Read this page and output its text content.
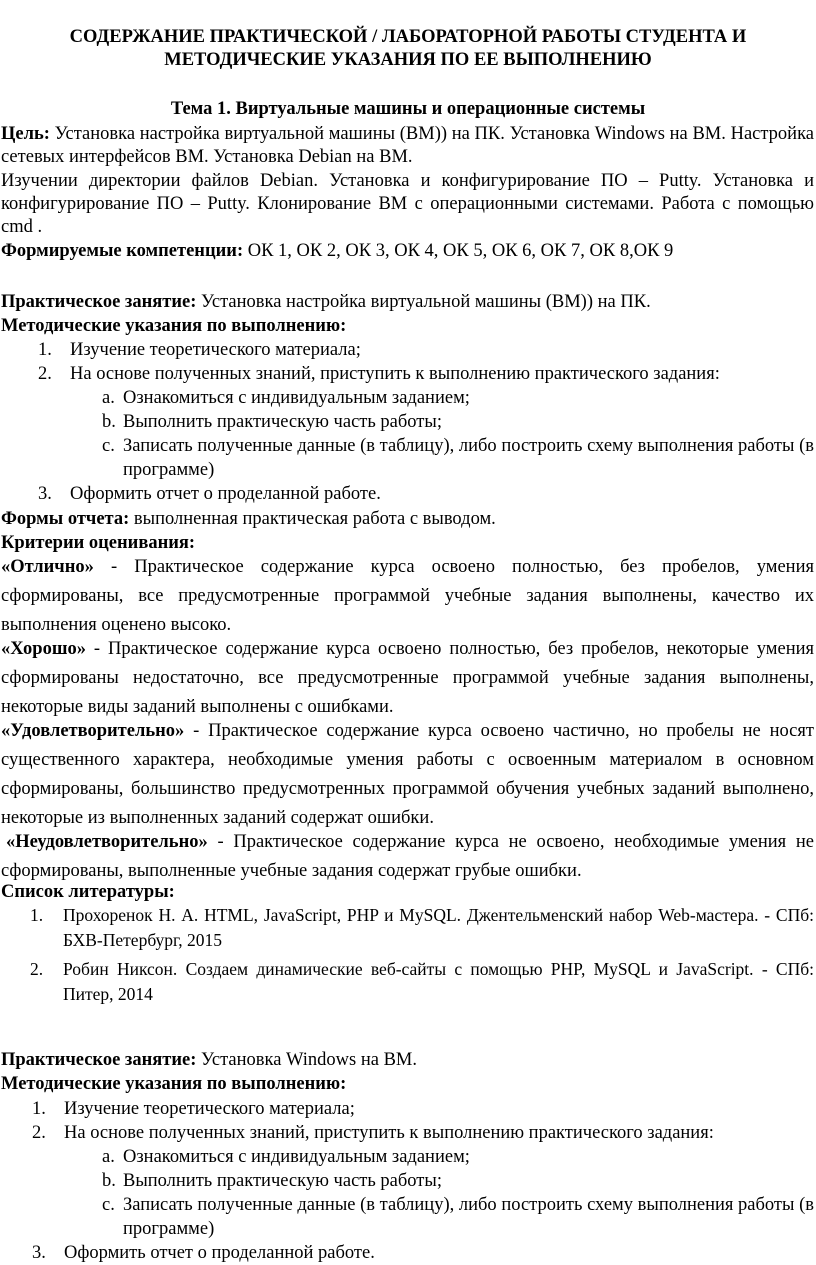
СОДЕРЖАНИЕ ПРАКТИЧЕСКОЙ / ЛАБОРАТОРНОЙ РАБОТЫ СТУДЕНТА И
МЕТОДИЧЕСКИЕ УКАЗАНИЯ ПО ЕЕ ВЫПОЛНЕНИЮ
Тема 1. Виртуальные машины и операционные системы

Цель: Установка настройка виртуальной машины (ВМ)) на ПК. Установка Windows на ВМ. Настройка сетевых интерфейсов ВМ. Установка Debian на ВМ.

Изучении директории файлов Debian. Установка и конфигурирование ПО – Putty. Установка и конфигурирование ПО – Putty. Клонирование ВМ с операционными системами. Работа с помощью cmd .

Формируемые компетенции: ОК 1, ОК 2, ОК 3, ОК 4, ОК 5, ОК 6, ОК 7, ОК 8,ОК 9

Практическое занятие: Установка настройка виртуальной машины (ВМ)) на ПК.

Методические указания по выполнению:

1. Изучение теоретического материала;
2. На основе полученных знаний, приступить к выполнению практического задания:
a. Ознакомиться с индивидуальным заданием;
b. Выполнить практическую часть работы;
c. Записать полученные данные (в таблицу), либо построить схему выполнения работы (в программе)
3. Оформить отчет о проделанной работе.

Формы отчета: выполненная практическая работа с выводом.

Критерии оценивания:

«Отлично» - Практическое содержание курса освоено полностью, без пробелов, умения сформированы, все предусмотренные программой учебные задания выполнены, качество их выполнения оценено высоко.

«Хорошо» - Практическое содержание курса освоено полностью, без пробелов, некоторые умения сформированы недостаточно, все предусмотренные программой учебные задания выполнены, некоторые виды заданий выполнены с ошибками.

«Удовлетворительно» - Практическое содержание курса освоено частично, но пробелы не носят существенного характера, необходимые умения работы с освоенным материалом в основном сформированы, большинство предусмотренных программой обучения учебных заданий выполнено, некоторые из выполненных заданий содержат ошибки.

«Неудовлетворительно» - Практическое содержание курса не освоено, необходимые умения не сформированы, выполненные учебные задания содержат грубые ошибки.

Список литературы:

1. Прохоренок Н. А. HTML, JavaScript, PHP и MySQL. Джентельменский набор Web-мастера. - СПб: БХВ-Петербург, 2015
2. Робин Никсон. Создаем динамические веб-сайты с помощью PHP, MySQL и JavaScript. - СПб: Питер, 2014

Практическое занятие: Установка Windows на ВМ.

Методические указания по выполнению:

1. Изучение теоретического материала;
2. На основе полученных знаний, приступить к выполнению практического задания:
a. Ознакомиться с индивидуальным заданием;
b. Выполнить практическую часть работы;
c. Записать полученные данные (в таблицу), либо построить схему выполнения работы (в программе)
3. Оформить отчет о проделанной работе.
